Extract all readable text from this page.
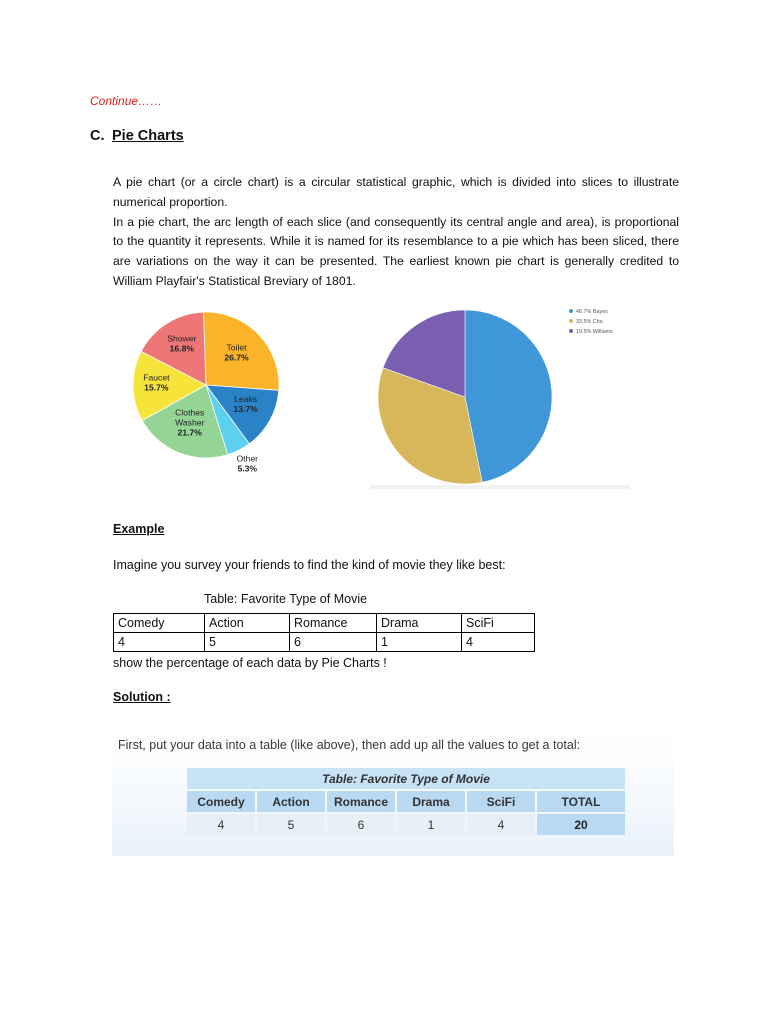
Continue……
C. Pie Charts

A pie chart (or a circle chart) is a circular statistical graphic, which is divided into slices to illustrate numerical proportion.

In a pie chart, the arc length of each slice (and consequently its central angle and area), is proportional to the quantity it represents. While it is named for its resemblance to a pie which has been sliced, there are variations on the way it can be presented. The earliest known pie chart is generally credited to William Playfair's Statistical Breviary of 1801.

Toilet 26.7%
Leaks 13.7%
Other 5.3%
Clothes Washer 21.7%
Faucet 15.7%
Shower 16.8%
46.7% Bayes
33.5% Chu
19.5% Williams
Example
Imagine you survey your friends to find the kind of movie they like best:
Table: Favorite Type of Movie
Comedy	Action	Romance	Drama	SciFi
4	5	6	1	4
show the percentage of each data by Pie Charts !
Solution :
First, put your data into a table (like above), then add up all the values to get a total:
Table: Favorite Type of Movie					
Comedy	Action	Romance	Drama	SciFi	TOTAL
4	5	6	1	4	20
